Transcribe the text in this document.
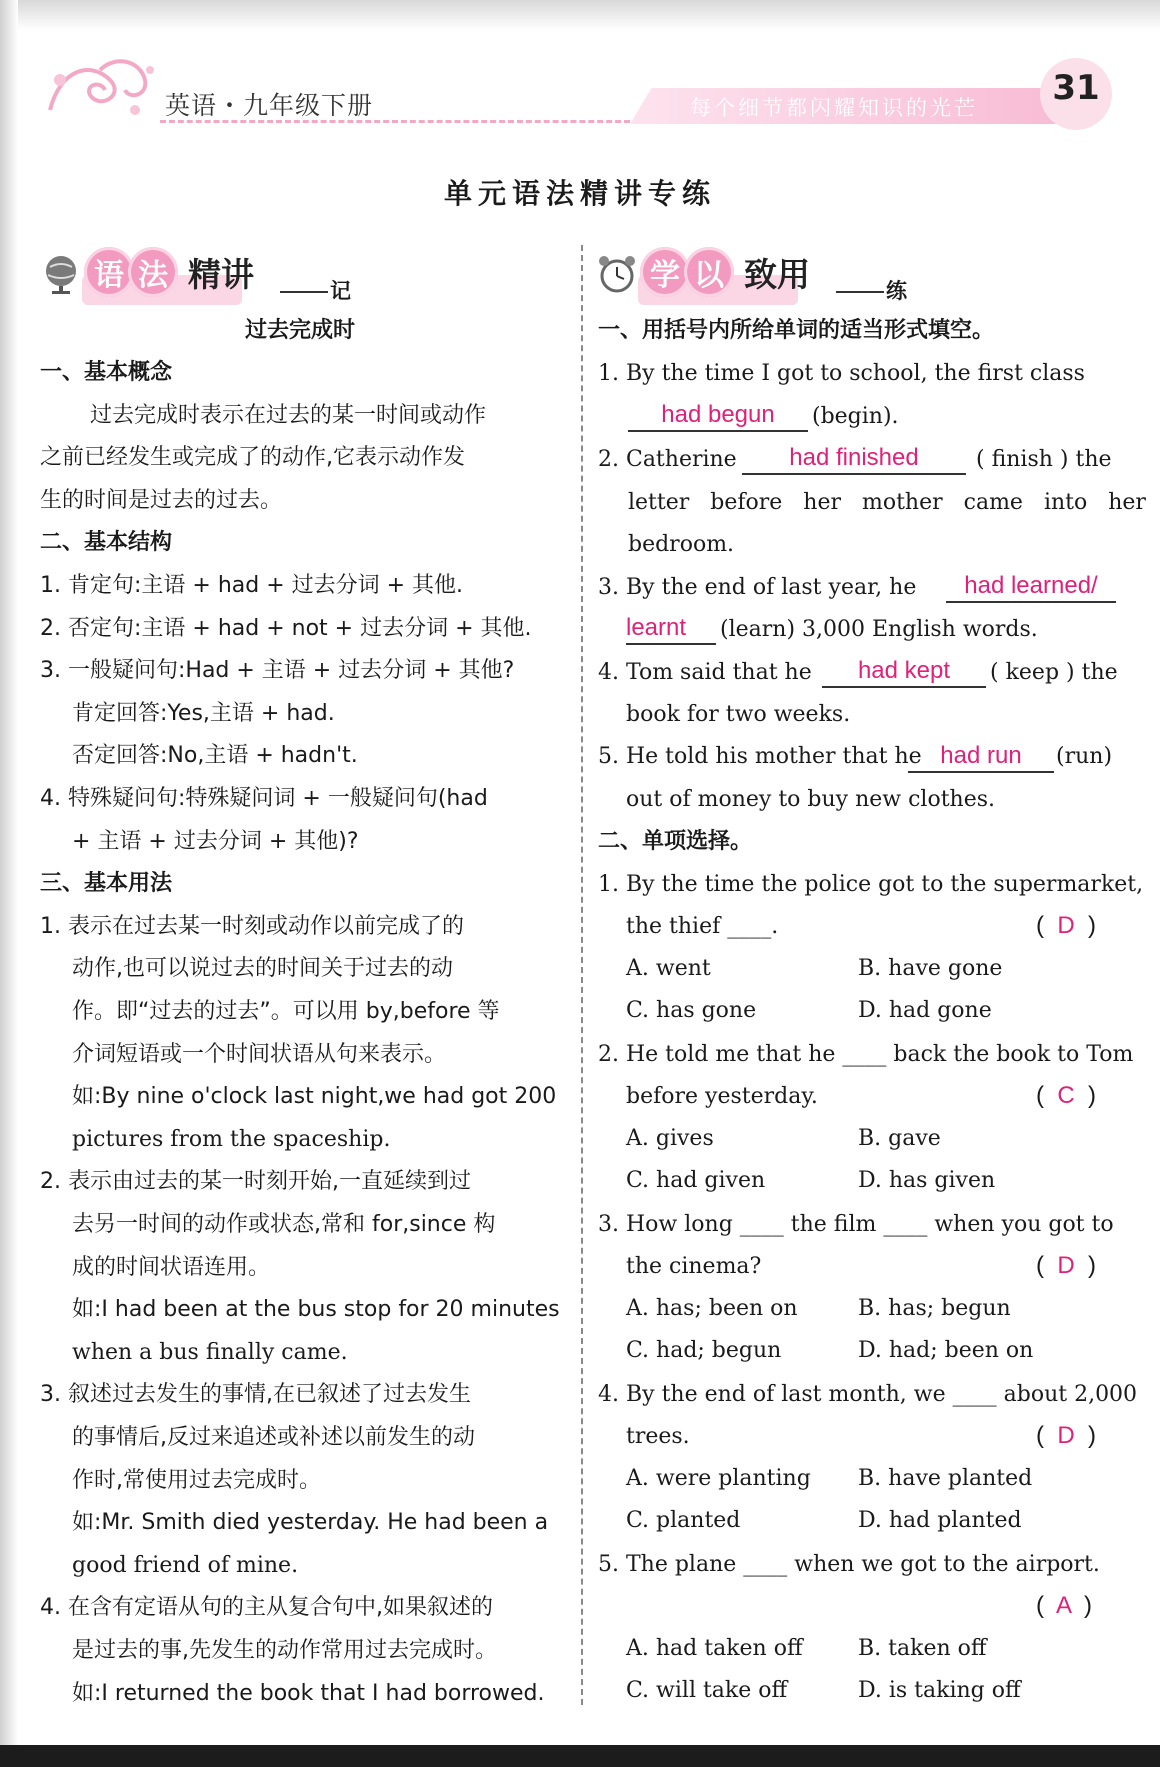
英语・九年级下册	每个细节都闪耀知识的光芒	31
单元语法精讲专练
语 法 精讲	记
过去完成时
一、基本概念
过去完成时表示在过去的某一时间或动作
之前已经发生或完成了的动作,它表示动作发
生的时间是过去的过去。
二、基本结构
1. 肯定句:主语 + had + 过去分词 + 其他.
2. 否定句:主语 + had + not + 过去分词 + 其他.
3. 一般疑问句:Had + 主语 + 过去分词 + 其他?
肯定回答:Yes,主语 + had.
否定回答:No,主语 + hadn't.
4. 特殊疑问句:特殊疑问词 + 一般疑问句(had
+ 主语 + 过去分词 + 其他)?
三、基本用法
1. 表示在过去某一时刻或动作以前完成了的
动作,也可以说过去的时间关于过去的动
作。即“过去的过去”。可以用 by,before 等
介词短语或一个时间状语从句来表示。
如:By nine o'clock last night,we had got 200
pictures from the spaceship.
2. 表示由过去的某一时刻开始,一直延续到过
去另一时间的动作或状态,常和 for,since 构
成的时间状语连用。
如:I had been at the bus stop for 20 minutes
when a bus finally came.
3. 叙述过去发生的事情,在已叙述了过去发生
的事情后,反过来追述或补述以前发生的动
作时,常使用过去完成时。
如:Mr. Smith died yesterday. He had been a
good friend of mine.
4. 在含有定语从句的主从复合句中,如果叙述的
是过去的事,先发生的动作常用过去完成时。
如:I returned the book that I had borrowed.
学 以 致用	练
一、用括号内所给单词的适当形式填空。
1. By the time I got to school, the first class
had begun	(begin).
2. Catherine	had finished	( finish ) the
letter before her mother came into her
bedroom.
3. By the end of last year, he	had learned/
learnt	(learn) 3,000 English words.
4. Tom said that he	had kept	( keep ) the
book for two weeks.
5. He told his mother that he had run	(run)
out of money to buy new clothes.
二、单项选择。
1. By the time the police got to the supermarket,
the thief ____.	(  D  )
A. went	B. have gone
C. has gone	D. had gone
2. He told me that he ____ back the book to Tom
before yesterday.	(  C  )
A. gives	B. gave
C. had given	D. has given
3. How long ____ the film ____ when you got to
the cinema?	(  D  )
A. has; been on	B. has; begun
C. had; begun	D. had; been on
4. By the end of last month, we ____ about 2,000
trees.	(  D  )
A. were planting B. have planted
C. planted	D. had planted
5. The plane ____ when we got to the airport.
(  A  )
A. had taken off	B. taken off
C. will take off	D. is taking off
